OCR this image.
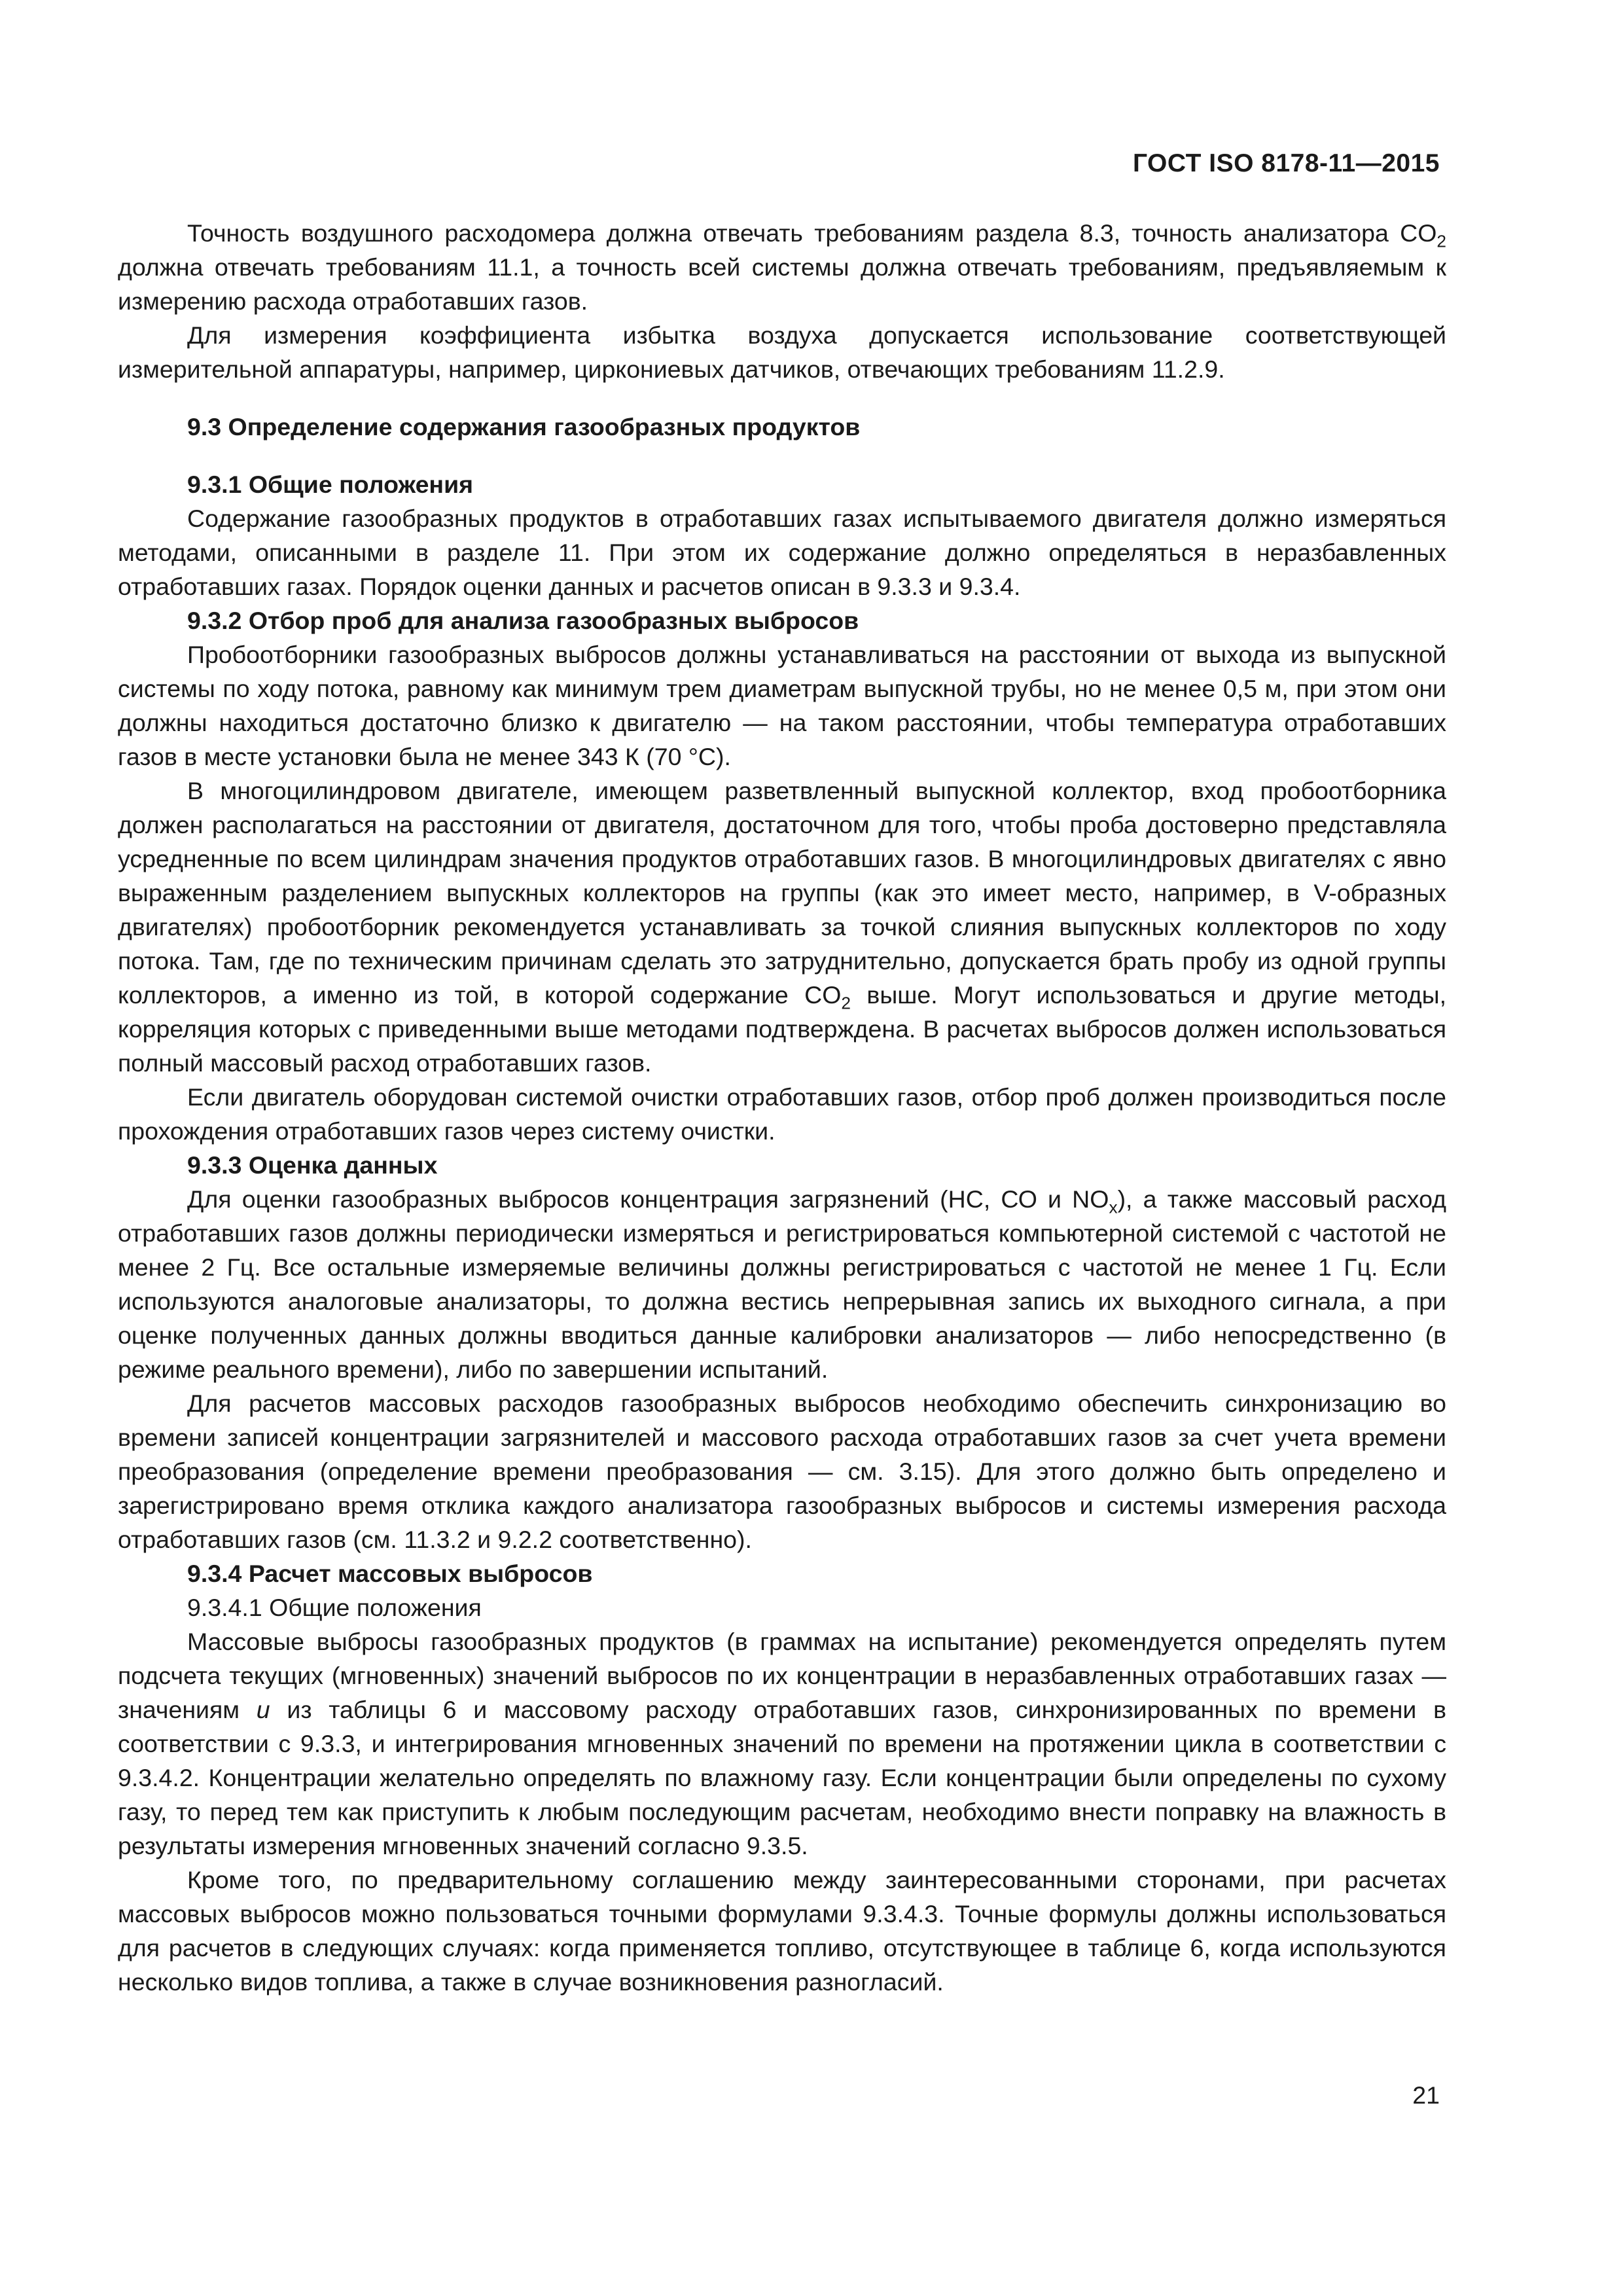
ГОСТ ISO 8178-11—2015

Точность воздушного расходомера должна отвечать требованиям раздела 8.3, точность анализатора $CO_2$ должна отвечать требованиям 11.1, а точность всей системы должна отвечать требованиям, предъявляемым к измерению расхода отработавших газов.

Для измерения коэффициента избытка воздуха допускается использование соответствующей измерительной аппаратуры, например, циркониевых датчиков, отвечающих требованиям 11.2.9.

9.3 Определение содержания газообразных продуктов
9.3.1 Общие положения

Содержание газообразных продуктов в отработавших газах испытываемого двигателя должно измеряться методами, описанными в разделе 11. При этом их содержание должно определяться в неразбавленных отработавших газах. Порядок оценки данных и расчетов описан в 9.3.3 и 9.3.4.

9.3.2 Отбор проб для анализа газообразных выбросов

Пробоотборники газообразных выбросов должны устанавливаться на расстоянии от выхода из выпускной системы по ходу потока, равному как минимум трем диаметрам выпускной трубы, но не менее 0,5 м, при этом они должны находиться достаточно близко к двигателю — на таком расстоянии, чтобы температура отработавших газов в месте установки была не менее 343 К (70 °С).

В многоцилиндровом двигателе, имеющем разветвленный выпускной коллектор, вход пробоотборника должен располагаться на расстоянии от двигателя, достаточном для того, чтобы проба достоверно представляла усредненные по всем цилиндрам значения продуктов отработавших газов. В многоцилиндровых двигателях с явно выраженным разделением выпускных коллекторов на группы (как это имеет место, например, в V-образных двигателях) пробоотборник рекомендуется устанавливать за точкой слияния выпускных коллекторов по ходу потока. Там, где по техническим причинам сделать это затруднительно, допускается брать пробу из одной группы коллекторов, а именно из той, в которой содержание $CO_2$ выше. Могут использоваться и другие методы, корреляция которых с приведенными выше методами подтверждена. В расчетах выбросов должен использоваться полный массовый расход отработавших газов.

Если двигатель оборудован системой очистки отработавших газов, отбор проб должен производиться после прохождения отработавших газов через систему очистки.

9.3.3 Оценка данных

Для оценки газообразных выбросов концентрация загрязнений (НС, СО и $NO_x$), а также массовый расход отработавших газов должны периодически измеряться и регистрироваться компьютерной системой с частотой не менее 2 Гц. Все остальные измеряемые величины должны регистрироваться с частотой не менее 1 Гц. Если используются аналоговые анализаторы, то должна вестись непрерывная запись их выходного сигнала, а при оценке полученных данных должны вводиться данные калибровки анализаторов — либо непосредственно (в режиме реального времени), либо по завершении испытаний.

Для расчетов массовых расходов газообразных выбросов необходимо обеспечить синхронизацию во времени записей концентрации загрязнителей и массового расхода отработавших газов за счет учета времени преобразования (определение времени преобразования — см. 3.15). Для этого должно быть определено и зарегистрировано время отклика каждого анализатора газообразных выбросов и системы измерения расхода отработавших газов (см. 11.3.2 и 9.2.2 соответственно).

9.3.4 Расчет массовых выбросов
9.3.4.1 Общие положения

Массовые выбросы газообразных продуктов (в граммах на испытание) рекомендуется определять путем подсчета текущих (мгновенных) значений выбросов по их концентрации в неразбавленных отработавших газах — значениям u из таблицы 6 и массовому расходу отработавших газов, синхронизированных по времени в соответствии с 9.3.3, и интегрирования мгновенных значений по времени на протяжении цикла в соответствии с 9.3.4.2. Концентрации желательно определять по влажному газу. Если концентрации были определены по сухому газу, то перед тем как приступить к любым последующим расчетам, необходимо внести поправку на влажность в результаты измерения мгновенных значений согласно 9.3.5.

Кроме того, по предварительному соглашению между заинтересованными сторонами, при расчетах массовых выбросов можно пользоваться точными формулами 9.3.4.3. Точные формулы должны использоваться для расчетов в следующих случаях: когда применяется топливо, отсутствующее в таблице 6, когда используются несколько видов топлива, а также в случае возникновения разногласий.

21
